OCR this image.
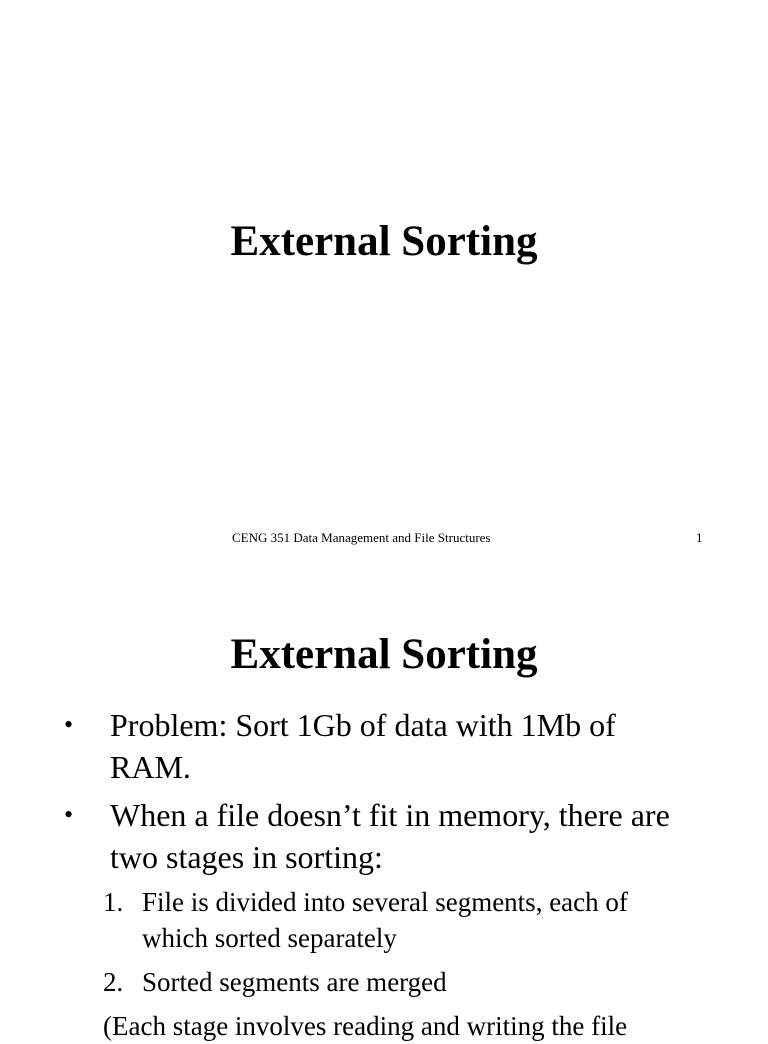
External Sorting
CENG 351 Data Management and File Structures	1
External Sorting
• Problem: Sort 1Gb of data with 1Mb of RAM.
• When a file doesn’t fit in memory, there are two stages in sorting:
1. File is divided into several segments, each of which sorted separately
2. Sorted segments are merged
(Each stage involves reading and writing the file
